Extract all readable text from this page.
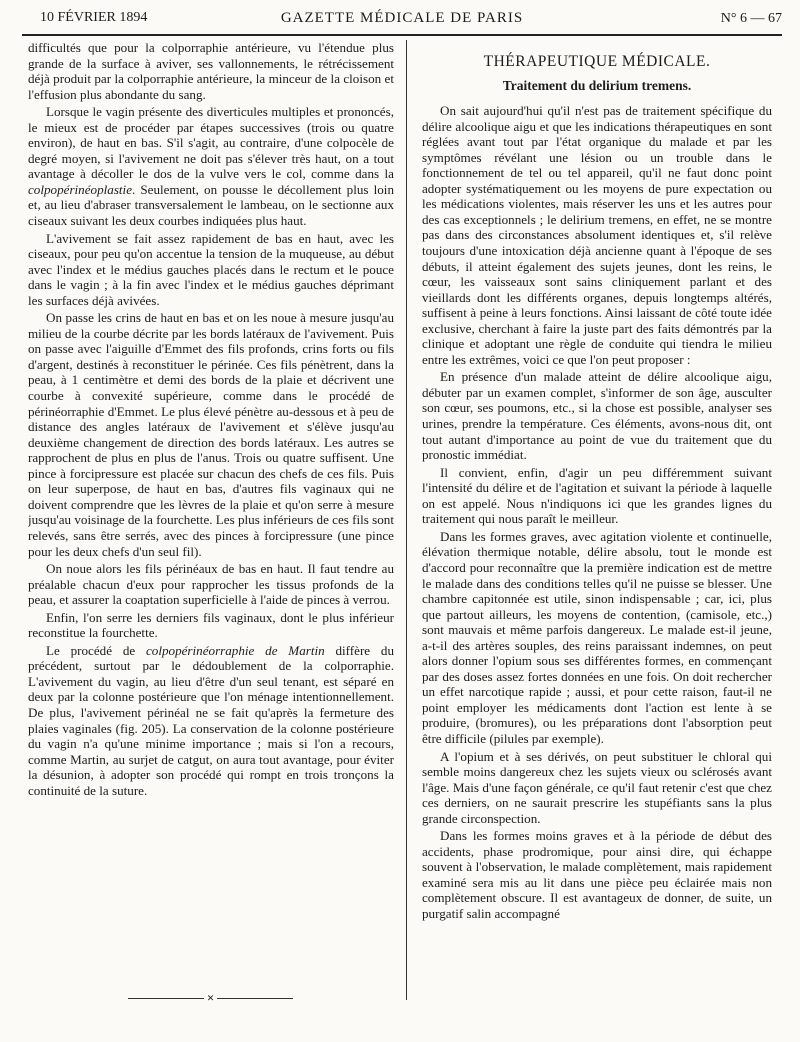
10 FÉVRIER 1894	GAZETTE MÉDICALE DE PARIS	N° 6 — 67

difficultés que pour la colporraphie antérieure, vu l'étendue plus grande de la surface à aviver, ses vallonnements, le rétrécissement déjà produit par la colporraphie antérieure, la minceur de la cloison et l'effusion plus abondante du sang.

Lorsque le vagin présente des diverticules multiples et prononcés, le mieux est de procéder par étapes successives (trois ou quatre environ), de haut en bas. S'il s'agit, au contraire, d'une colpocèle de degré moyen, si l'avivement ne doit pas s'élever très haut, on a tout avantage à décoller le dos de la vulve vers le col, comme dans la colpopérinéoplastie. Seulement, on pousse le décollement plus loin et, au lieu d'abraser transversalement le lambeau, on le sectionne aux ciseaux suivant les deux courbes indiquées plus haut.

L'avivement se fait assez rapidement de bas en haut, avec les ciseaux, pour peu qu'on accentue la tension de la muqueuse, au début avec l'index et le médius gauches placés dans le rectum et le pouce dans le vagin ; à la fin avec l'index et le médius gauches déprimant les surfaces déjà avivées.

On passe les crins de haut en bas et on les noue à mesure jusqu'au milieu de la courbe décrite par les bords latéraux de l'avivement. Puis on passe avec l'aiguille d'Emmet des fils profonds, crins forts ou fils d'argent, destinés à reconstituer le périnée. Ces fils pénètrent, dans la peau, à 1 centimètre et demi des bords de la plaie et décrivent une courbe à convexité supérieure, comme dans le procédé de périnéorraphie d'Emmet. Le plus élevé pénètre au-dessous et à peu de distance des angles latéraux de l'avivement et s'élève jusqu'au deuxième changement de direction des bords latéraux. Les autres se rapprochent de plus en plus de l'anus. Trois ou quatre suffisent. Une pince à forcipressure est placée sur chacun des chefs de ces fils. Puis on leur superpose, de haut en bas, d'autres fils vaginaux qui ne doivent comprendre que les lèvres de la plaie et qu'on serre à mesure jusqu'au voisinage de la fourchette. Les plus inférieurs de ces fils sont relevés, sans être serrés, avec des pinces à forcipressure (une pince pour les deux chefs d'un seul fil).

On noue alors les fils périnéaux de bas en haut. Il faut tendre au préalable chacun d'eux pour rapprocher les tissus profonds de la peau, et assurer la coaptation superficielle à l'aide de pinces à verrou.

Enfin, l'on serre les derniers fils vaginaux, dont le plus inférieur reconstitue la fourchette.

Le procédé de colpopérinéorraphie de Martin diffère du précédent, surtout par le dédoublement de la colporraphie. L'avivement du vagin, au lieu d'être d'un seul tenant, est séparé en deux par la colonne postérieure que l'on ménage intentionnellement. De plus, l'avivement périnéal ne se fait qu'après la fermeture des plaies vaginales (fig. 205). La conservation de la colonne postérieure du vagin n'a qu'une minime importance ; mais si l'on a recours, comme Martin, au surjet de catgut, on aura tout avantage, pour éviter la désunion, à adopter son procédé qui rompt en trois tronçons la continuité de la suture.

✕
THÉRAPEUTIQUE MÉDICALE.
Traitement du delirium tremens.

On sait aujourd'hui qu'il n'est pas de traitement spécifique du délire alcoolique aigu et que les indications thérapeutiques en sont réglées avant tout par l'état organique du malade et par les symptômes révélant une lésion ou un trouble dans le fonctionnement de tel ou tel appareil, qu'il ne faut donc point adopter systématiquement ou les moyens de pure expectation ou les médications violentes, mais réserver les uns et les autres pour des cas exceptionnels ; le delirium tremens, en effet, ne se montre pas dans des circonstances absolument identiques et, s'il relève toujours d'une intoxication déjà ancienne quant à l'époque de ses débuts, il atteint également des sujets jeunes, dont les reins, le cœur, les vaisseaux sont sains cliniquement parlant et des vieillards dont les différents organes, depuis longtemps altérés, suffisent à peine à leurs fonctions. Ainsi laissant de côté toute idée exclusive, cherchant à faire la juste part des faits démontrés par la clinique et adoptant une règle de conduite qui tiendra le milieu entre les extrêmes, voici ce que l'on peut proposer :

En présence d'un malade atteint de délire alcoolique aigu, débuter par un examen complet, s'informer de son âge, ausculter son cœur, ses poumons, etc., si la chose est possible, analyser ses urines, prendre la température. Ces éléments, avons-nous dit, ont tout autant d'importance au point de vue du traitement que du pronostic immédiat.

Il convient, enfin, d'agir un peu différemment suivant l'intensité du délire et de l'agitation et suivant la période à laquelle on est appelé. Nous n'indiquons ici que les grandes lignes du traitement qui nous paraît le meilleur.

Dans les formes graves, avec agitation violente et continuelle, élévation thermique notable, délire absolu, tout le monde est d'accord pour reconnaître que la première indication est de mettre le malade dans des conditions telles qu'il ne puisse se blesser. Une chambre capitonnée est utile, sinon indispensable ; car, ici, plus que partout ailleurs, les moyens de contention, (camisole, etc.,) sont mauvais et même parfois dangereux. Le malade est-il jeune, a-t-il des artères souples, des reins paraissant indemnes, on peut alors donner l'opium sous ses différentes formes, en commençant par des doses assez fortes données en une fois. On doit rechercher un effet narcotique rapide ; aussi, et pour cette raison, faut-il ne point employer les médicaments dont l'action est lente à se produire, (bromures), ou les préparations dont l'absorption peut être difficile (pilules par exemple).

A l'opium et à ses dérivés, on peut substituer le chloral qui semble moins dangereux chez les sujets vieux ou sclérosés avant l'âge. Mais d'une façon générale, ce qu'il faut retenir c'est que chez ces derniers, on ne saurait prescrire les stupéfiants sans la plus grande circonspection.

Dans les formes moins graves et à la période de début des accidents, phase prodromique, pour ainsi dire, qui échappe souvent à l'observation, le malade complètement, mais rapidement examiné sera mis au lit dans une pièce peu éclairée mais non complètement obscure. Il est avantageux de donner, de suite, un purgatif salin accompagné
